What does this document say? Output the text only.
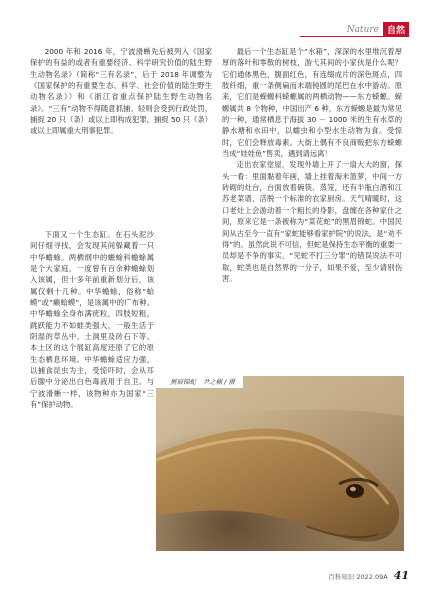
Nature 自然

2000 年和 2016 年，宁波滑蜥先后被列入《国家保护的有益的或者有重要经济、科学研究价值的陆生野生动物名录》（简称“三有名录”，后于 2018 年调整为《国家保护的有重要生态、科学、社会价值的陆生野生动物名录》）和《浙江省重点保护陆生野生动物名录》。“三有”动物不得随意抓捕、轻则会受到行政处罚，捕捉 20 只（条）或以上即构成犯罪，捕捉 50 只（条）或以上即属重大刑事犯罪。

下面又一个生态缸。在石头泥沙间仔细寻找，会发现其间躲藏着一只中华蟾蜍。两栖纲中的蟾蜍科蟾蜍属是个大家庭，一度曾有百余种蟾蜍划入该属，但十多年前重新划分后，该属仅剩十几种。中华蟾蜍，俗称“蛤蟆”或“癞蛤蟆”，是该属中的广布种。中华蟾蜍全身布满疣粒，四肢短粗，跳跃能力不如蛙类强大，一般生活于阴湿的草丛中、土洞里及砖石下等。本土区的这个展缸高度还原了它的原生态栖息环境。中华蟾蜍适应力强，以捕食昆虫为主，受惊吓时，会从耳后腺中分泌出白色毒液用于自卫。与宁波滑蜥一样，该物种亦为国家“三有”保护动物。

最后一个生态缸是个“水箱”，深深的水里堆沉着厚厚的落叶和零散的树枝，游弋其间的小家伙是什么呢？它们通体黑色，腹面红色，有连缀成片的深色斑点，四肢纤细，重一条侧扁而末端钝圆的尾巴在水中游动。原来，它们是蝾螈科蝾螈属的两栖动物——东方蝾螈。蝾螈属共 8 个物种，中国出产 6 种，东方蝾螈是最为常见的一种，通常栖息于海拔 30 － 1000 米的生有水草的静水塘和水田中，以蠕虫和小型水生动物为食。受惊时，它们会释放毒素。大街上偶有不良商贩把东方蝾螈当成“娃娃鱼”售卖，遇到请远离！

走出农家堂屋，发现外墙上开了一扇大大的窗，探头一看：里面黏着年画，墙上挂着淘米篮萝，中间一方砖砌的灶台，台面放着碗筷、蒸笼，还有半瓶白酒和江苏老菜谱，活脱一个标准的农家厨房。天气晴暖时，这口老灶上会游动着一个粗长的身影，盘缠在各种家什之间，原来它是一条被称为“菜花蛇”的黑眉锦蛇。中国民间从古至今一直有“家蛇能够看家护院”的说法，是“劝不得”的。虽然此说不可信，但蛇是保持生态平衡的重要一员却是不争的事实。“见蛇不打三分罪”的错误说法不可取，蛇类也是自然界的一分子，如果不爱，至少请别伤害。

黑眉锦蛇　尹之楠 / 摄
百科知识 2022.09A 41
